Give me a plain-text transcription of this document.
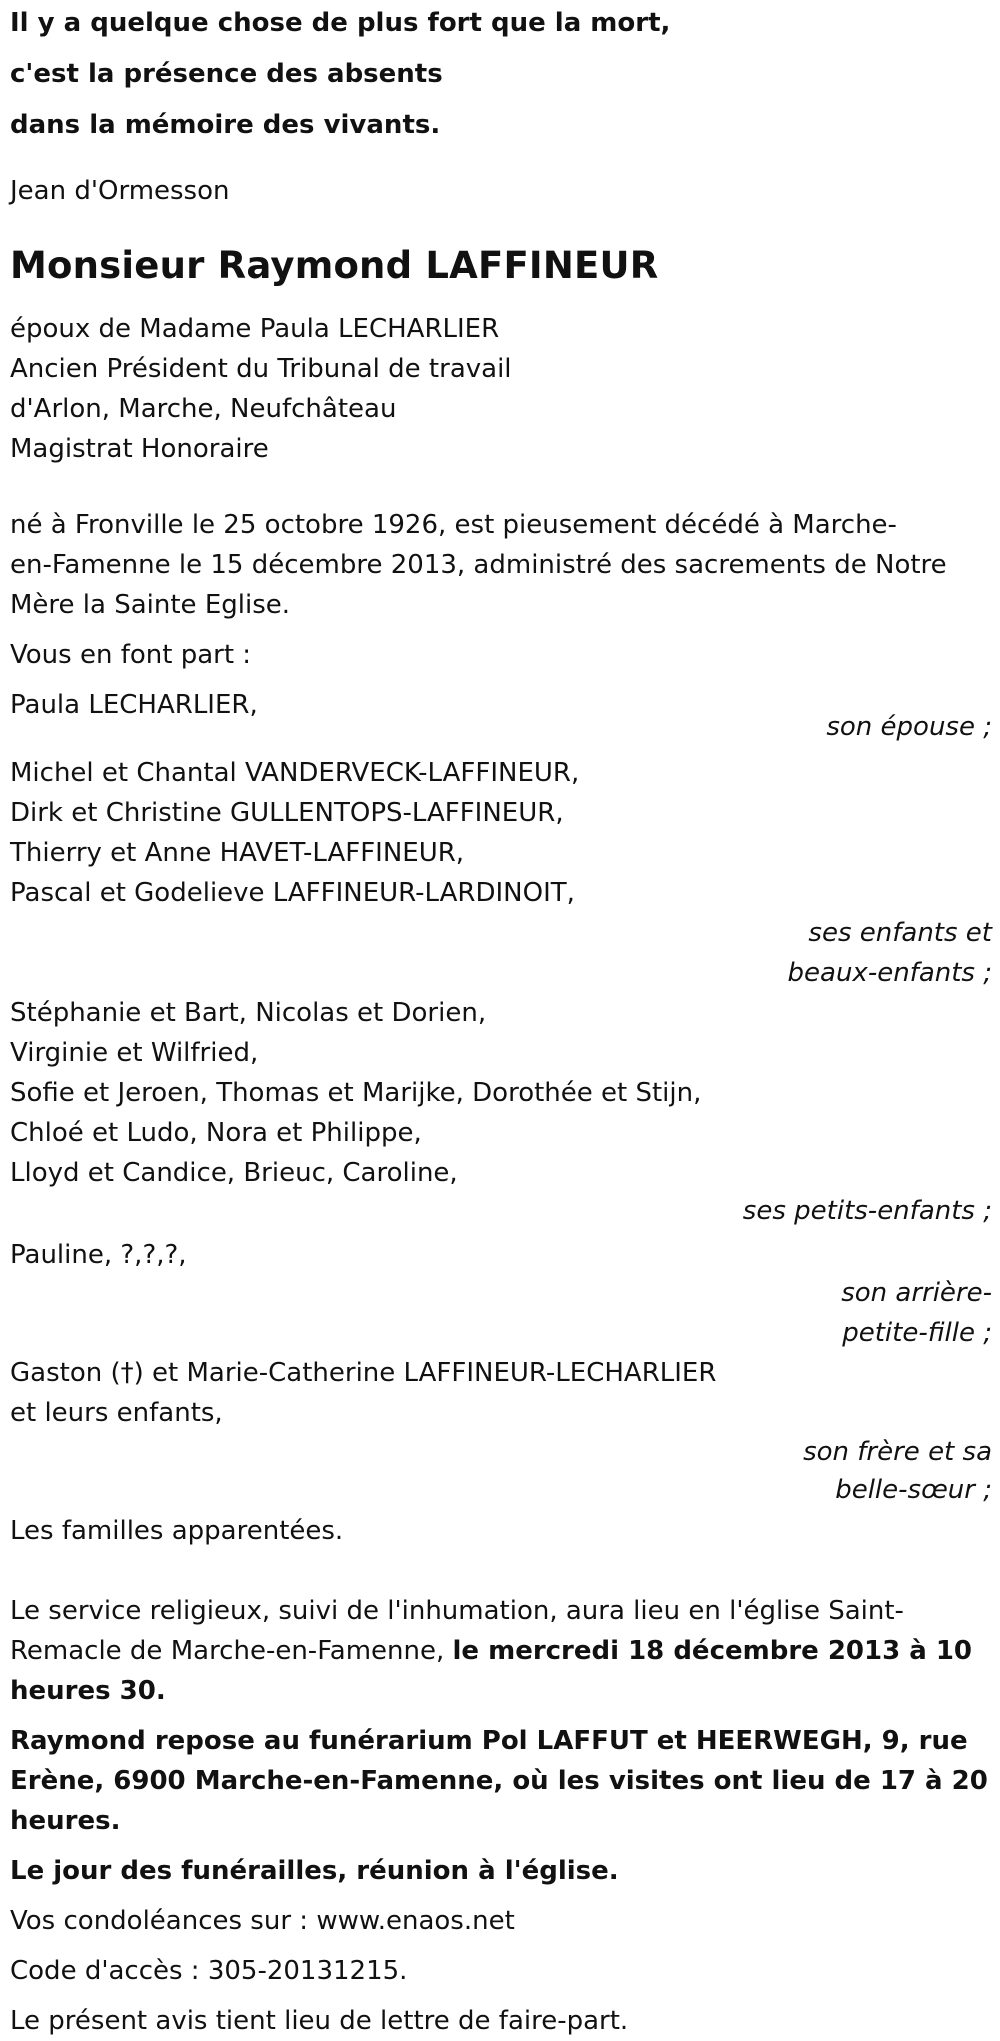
Il y a quelque chose de plus fort que la mort,
c'est la présence des absents
dans la mémoire des vivants.
Jean d'Ormesson
Monsieur Raymond LAFFINEUR
époux de Madame Paula LECHARLIER
Ancien Président du Tribunal de travail
d'Arlon, Marche, Neufchâteau
Magistrat Honoraire
né à Fronville le 25 octobre 1926, est pieusement décédé à Marche-
en-Famenne le 15 décembre 2013, administré des sacrements de Notre
Mère la Sainte Eglise.
Vous en font part :
Paula LECHARLIER,
son épouse ;
Michel et Chantal VANDERVECK-LAFFINEUR,
Dirk et Christine GULLENTOPS-LAFFINEUR,
Thierry et Anne HAVET-LAFFINEUR,
Pascal et Godelieve LAFFINEUR-LARDINOIT,
ses enfants et
beaux-enfants ;
Stéphanie et Bart, Nicolas et Dorien,
Virginie et Wilfried,
Sofie et Jeroen, Thomas et Marijke, Dorothée et Stijn,
Chloé et Ludo, Nora et Philippe,
Lloyd et Candice, Brieuc, Caroline,
ses petits-enfants ;
Pauline, ?,?,?,
son arrière-
petite-fille ;
Gaston (†) et Marie-Catherine LAFFINEUR-LECHARLIER
et leurs enfants,
son frère et sa
belle-sœur ;
Les familles apparentées.
Le service religieux, suivi de l'inhumation, aura lieu en l'église Saint-
Remacle de Marche-en-Famenne, le mercredi 18 décembre 2013 à 10
heures 30.
Raymond repose au funérarium Pol LAFFUT et HEERWEGH, 9, rue
Erène, 6900 Marche-en-Famenne, où les visites ont lieu de 17 à 20
heures.
Le jour des funérailles, réunion à l'église.
Vos condoléances sur : www.enaos.net
Code d'accès : 305-20131215.
Le présent avis tient lieu de lettre de faire-part.
